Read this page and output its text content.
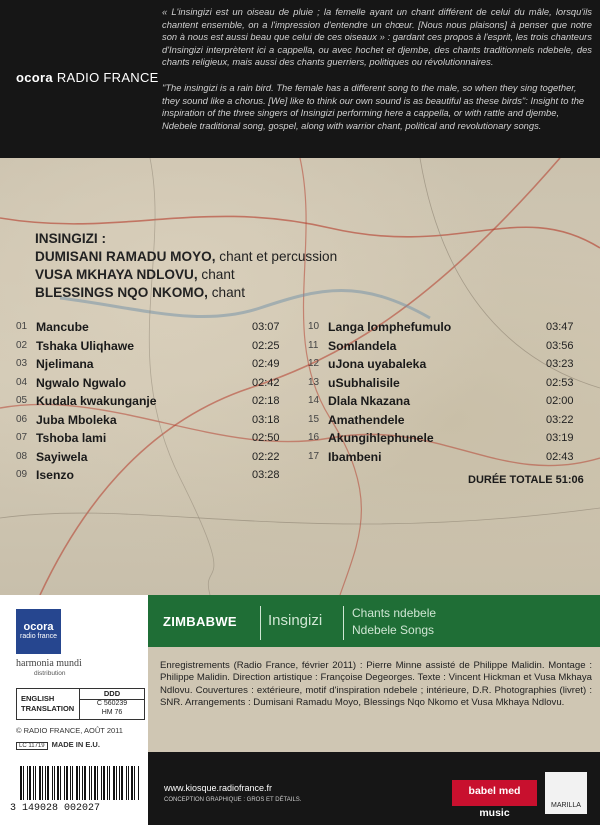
ocora RADIO FRANCE

« L'insingizi est un oiseau de pluie ; la femelle ayant un chant différent de celui du mâle, lorsqu'ils chantent ensemble, on a l'impression d'entendre un chœur. [Nous nous plaisons] à penser que notre son à nous est aussi beau que celui de ces oiseaux » : gardant ces propos à l'esprit, les trois chanteurs d'Insingizi interprètent ici a cappella, ou avec hochet et djembe, des chants traditionnels ndebele, des chants religieux, mais aussi des chants guerriers, politiques ou révolutionnaires.

"The insingizi is a rain bird. The female has a different song to the male, so when they sing together, they sound like a chorus. [We] like to think our own sound is as beautiful as these birds": Insight to the inspiration of the three singers of Insingizi performing here a cappella, or with rattle and djembe, Ndebele traditional song, gospel, along with warrior chant, political and revolutionary songs.

INSINGIZI :
DUMISANI RAMADU MOYO, chant et percussion
VUSA MKHAYA NDLOVU, chant
BLESSINGS NQO NKOMO, chant
01 Mancube	03:07
02 Tshaka Uliqhawe	02:25
03 Njelimana	02:49
04 Ngwalo Ngwalo	02:42
05 Kudala kwakunganje	02:18
06 Juba Mboleka	03:18
07 Tshoba lami	02:50
08 Sayiwela	02:22
09 Isenzo	03:28
10 Langa lomphefumulo	03:47
11 Somlandela	03:56
12 uJona uyabaleka	03:23
13 uSubhalisile	02:53
14 Dlala Nkazana	02:00
15 Amathendele	03:22
16 Akungihlephunele	03:19
17 Ibambeni	02:43
DURÉE TOTALE 51:06
ZIMBABWE Insingizi Chants ndebele
Ndebele Songs
ocora
radio france
harmonia mundi
distribution
ENGLISH
TRANSLATION
DDD
C 560239
HM 76
© RADIO FRANCE, AOÛT 2011
LC 11719 MADE IN E.U.
3 149028 002027

Enregistrements (Radio France, février 2011) : Pierre Minne assisté de Philippe Malidin. Montage : Philippe Malidin. Direction artistique : Françoise Degeorges. Texte : Vincent Hickman et Vusa Mkhaya Ndlovu. Couvertures : extérieure, motif d'inspiration ndebele ; intérieure, D.R. Photographies (livret) : SNR. Arrangements : Dumisani Ramadu Moyo, Blessings Nqo Nkomo et Vusa Mkhaya Ndlovu.

www.kiosque.radiofrance.fr
CONCEPTION GRAPHIQUE : GROS ET DÉTAILS.
babel med music
MARILLA
